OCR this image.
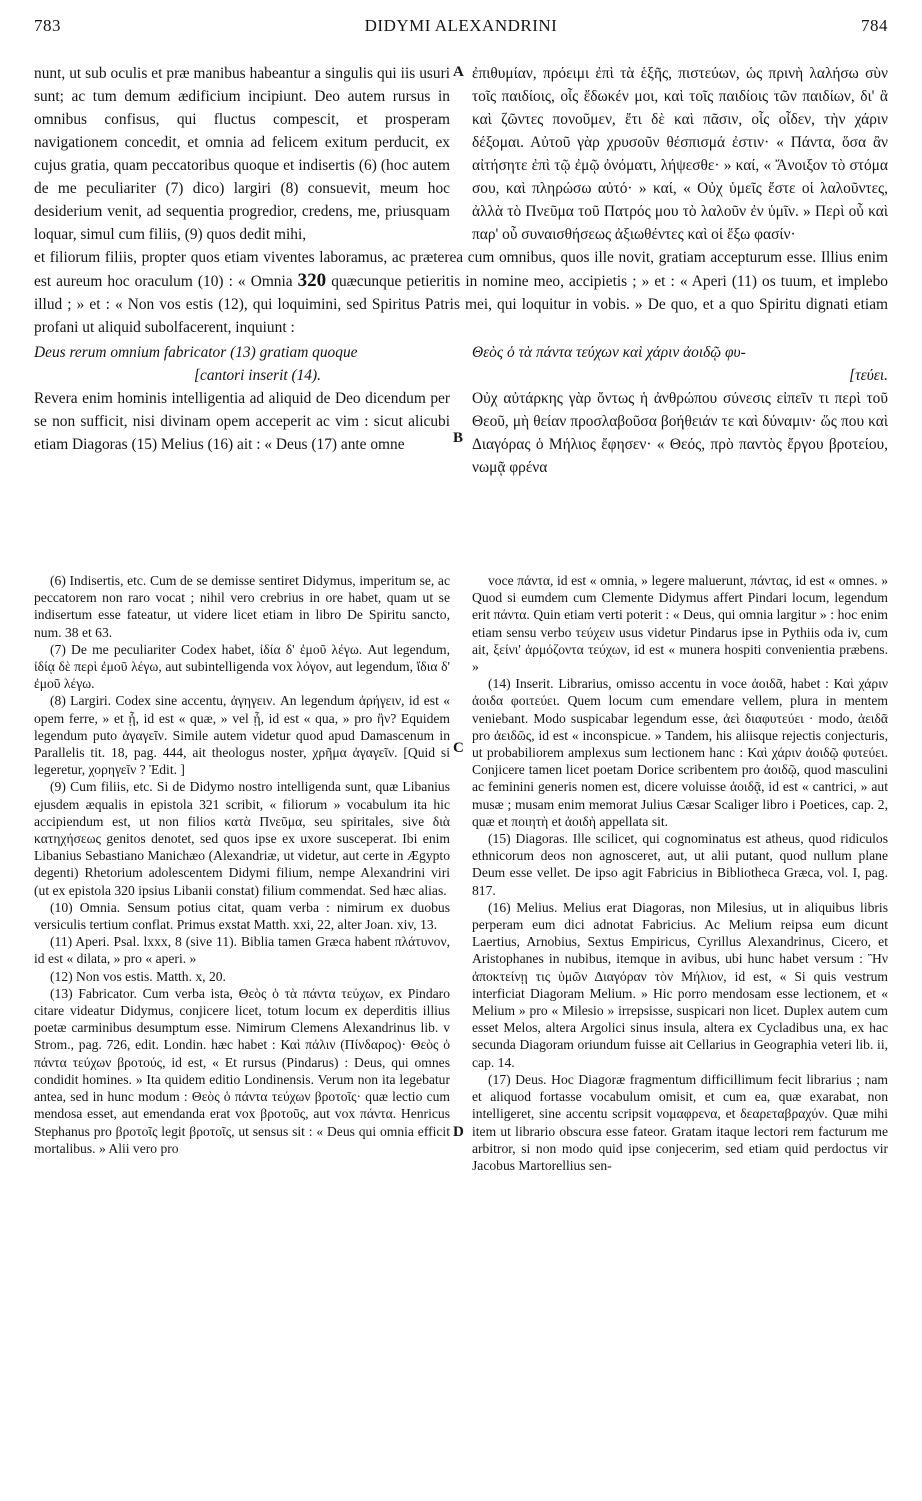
783	DIDYMI ALEXANDRINI	784

nunt, ut sub oculis et præ manibus habeantur a singulis qui iis usuri sunt; ac tum demum ædificium incipiunt. Deo autem rursus in omnibus confisus, qui fluctus compescit, et prosperam navigationem concedit, et omnia ad felicem exitum perducit, ex cujus gratia, quam peccatoribus quoque et indisertis (6) (hoc autem de me peculiariter (7) dico) largiri (8) consuevit, meum hoc desiderium venit, ad sequentia progredior, credens, me, priusquam loquar, simul cum filiis, (9) quos dedit mihi,

ἐπιθυμίαν, πρόειμι ἐπὶ τὰ ἑξῆς, πιστεύων, ὡς πρινὴ λαλήσω σὺν τοῖς παιδίοις, οἷς ἔδωκέν μοι, καὶ τοῖς παιδίοις τῶν παιδίων, δι' ἃ καὶ ζῶντες πονοῦμεν, ἔτι δὲ καὶ πᾶσιν, οἷς οἶδεν, τὴν χάριν δέξομαι. Αὐτοῦ γὰρ χρυσοῦν θέσπισμά ἐστιν· « Πάντα, ὅσα ἂν αἰτήσητε ἐπὶ τῷ ἐμῷ ὀνόματι, λήψεσθε· » καί, « Ἄνοιξον τὸ στόμα σου, καὶ πληρώσω αὐτό· » καί, « Οὐχ ὑμεῖς ἔστε οἱ λαλοῦντες, ἀλλὰ τὸ Πνεῦμα τοῦ Πατρός μου τὸ λαλοῦν ἐν ὑμῖν. » Περὶ οὗ καὶ παρ' οὗ συναισθήσεως ἀξιωθέντες καὶ οἱ ἔξω φασίν·

et filiorum filiis, propter quos etiam viventes laboramus, ac præterea cum omnibus, quos ille novit, gratiam accepturum esse. Illius enim est aureum hoc oraculum (10) : « Omnia 320 quæcunque petieritis in nomine meo, accipietis ; » et : « Aperi (11) os tuum, et implebo illud ; » et : « Non vos estis (12), qui loquimini, sed Spiritus Patris mei, qui loquitur in vobis. » De quo, et a quo Spiritu dignati etiam profani ut aliquid subolfacerent, inquiunt :

Deus rerum omnium fabricator (13) gratiam quoque
[cantori inserit (14).
Θεὸς ὁ τὰ πάντα τεύχων καὶ χάριν ἀοιδῷ φυ-
[τεύει.

Revera enim hominis intelligentia ad aliquid de Deo dicendum per se non sufficit, nisi divinam opem acceperit ac vim : sicut alicubi etiam Diagoras (15) Melius (16) ait : « Deus (17) ante omne

Οὐχ αὐτάρκης γὰρ ὄντως ἡ ἀνθρώπου σύνεσις εἰπεῖν τι περὶ τοῦ Θεοῦ, μὴ θείαν προσλαβοῦσα βοήθειάν τε καὶ δύναμιν· ὥς που καὶ Διαγόρας ὁ Μήλιος ἔφησεν· « Θεός, πρὸ παντὸς ἔργου βροτείου, νωμᾷ φρένα

A
B
C
D

(6) Indisertis, etc. Cum de se demisse sentiret Didymus, imperitum se, ac peccatorem non raro vocat ; nihil vero crebrius in ore habet, quam ut se indisertum esse fateatur, ut videre licet etiam in libro De Spiritu sancto, num. 38 et 63.

(7) De me peculiariter Codex habet, ἰδία δ' ἐμοῦ λέγω. Aut legendum, ἰδίᾳ δὲ περὶ ἐμοῦ λέγω, aut subintelligenda vox λόγον, aut legendum, ἴδια δ' ἐμοῦ λέγω.

(8) Largiri. Codex sine accentu, ἀγηγειν. An legendum ἀρήγειν, id est « opem ferre, » et ᾗ, id est « quæ, » vel ᾗ, id est « qua, » pro ἣν? Equidem legendum puto ἀγαγεῖν. Simile autem videtur quod apud Damascenum in Parallelis tit. 18, pag. 444, ait theologus noster, χρῆμα ἀγαγεῖν. [Quid si legeretur, χορηγεῖν ? Ἐdit. ]

(9) Cum filiis, etc. Si de Didymo nostro intelligenda sunt, quæ Libanius ejusdem æqualis in epistola 321 scribit, « filiorum » vocabulum ita hic accipiendum est, ut non filios κατὰ Πνεῦμα, seu spiritales, sive διὰ κατηχήσεως genitos denotet, sed quos ipse ex uxore susceperat. Ibi enim Libanius Sebastiano Manichæo (Alexandriæ, ut videtur, aut certe in Ægypto degenti) Rhetorium adolescentem Didymi filium, nempe Alexandrini viri (ut ex epistola 320 ipsius Libanii constat) filium commendat. Sed hæc alias.

(10) Omnia. Sensum potius citat, quam verba : nimirum ex duobus versiculis tertium conflat. Primus exstat Matth. xxi, 22, alter Joan. xiv, 13.

(11) Aperi. Psal. lxxx, 8 (sive 11). Biblia tamen Græca habent πλάτυνον, id est « dilata, » pro « aperi. »

(12) Non vos estis. Matth. x, 20.

(13) Fabricator. Cum verba ista, Θεὸς ὁ τὰ πάντα τεύχων, ex Pindaro citare videatur Didymus, conjicere licet, totum locum ex deperditis illius poetæ carminibus desumptum esse. Nimirum Clemens Alexandrinus lib. v Strom., pag. 726, edit. Londin. hæc habet : Καὶ πάλιν (Πίνδαρος)· Θεὸς ὁ πάντα τεύχων βροτούς, id est, « Et rursus (Pindarus) : Deus, qui omnes condidit homines. » Ita quidem editio Londinensis. Verum non ita legebatur antea, sed in hunc modum : Θεὸς ὁ πάντα τεύχων βροτοῖς· quæ lectio cum mendosa esset, aut emendanda erat vox βροτοῦς, aut vox πάντα. Henricus Stephanus pro βροτοῖς legit βροτοῖς, ut sensus sit : « Deus qui omnia efficit mortalibus. » Alii vero pro

voce πάντα, id est « omnia, » legere maluerunt, πάντας, id est « omnes. » Quod si eumdem cum Clemente Didymus affert Pindari locum, legendum erit πάντα. Quin etiam verti poterit : « Deus, qui omnia largitur » : hoc enim etiam sensu verbo τεύχειν usus videtur Pindarus ipse in Pythiis oda iv, cum ait, ξείνι' ἁρμόζοντα τεύχων, id est « munera hospiti convenientia præbens. »

(14) Inserit. Librarius, omisso accentu in voce ἀοιδᾶ, habet : Καὶ χάριν ἀοιδα φοιτεύει. Quem locum cum emendare vellem, plura in mentem veniebant. Modo suspicabar legendum esse, ἀεὶ διαφυτεύει · modo, ἀειδᾶ pro ἀειδῶς, id est « inconspicue. » Tandem, his aliisque rejectis conjecturis, ut probabiliorem amplexus sum lectionem hanc : Καὶ χάριν ἀοιδῷ φυτεύει. Conjicere tamen licet poetam Dorice scribentem pro ἀοιδῷ, quod masculini ac feminini generis nomen est, dicere voluisse ἀοιδᾷ, id est « cantrici, » aut musæ ; musam enim memorat Julius Cæsar Scaliger libro i Poetices, cap. 2, quæ et ποιητὴ et ἀοιδὴ appellata sit.

(15) Diagoras. Ille scilicet, qui cognominatus est atheus, quod ridiculos ethnicorum deos non agnosceret, aut, ut alii putant, quod nullum plane Deum esse vellet. De ipso agit Fabricius in Bibliotheca Græca, vol. I, pag. 817.

(16) Melius. Melius erat Diagoras, non Milesius, ut in aliquibus libris perperam eum dici adnotat Fabricius. Ac Melium reipsa eum dicunt Laertius, Arnobius, Sextus Empiricus, Cyrillus Alexandrinus, Cicero, et Aristophanes in nubibus, itemque in avibus, ubi hunc habet versum : Ἢν ἀποκτείνῃ τις ὑμῶν Διαγόραν τὸν Μήλιον, id est, « Si quis vestrum interficiat Diagoram Melium. » Hic porro mendosam esse lectionem, et « Melium » pro « Milesio » irrepsisse, suspicari non licet. Duplex autem cum esset Melos, altera Argolici sinus insula, altera ex Cycladibus una, ex hac secunda Diagoram oriundum fuisse ait Cellarius in Geographia veteri lib. ii, cap. 14.

(17) Deus. Hoc Diagoræ fragmentum difficillimum fecit librarius ; nam et aliquod fortasse vocabulum omisit, et cum ea, quæ exarabat, non intelligeret, sine accentu scripsit νομαφρενα, et δεαρεταβραχύν. Quæ mihi item ut librario obscura esse fateor. Gratam itaque lectori rem facturum me arbitror, si non modo quid ipse conjecerim, sed etiam quid perdoctus vir Jacobus Martorellius sen-
